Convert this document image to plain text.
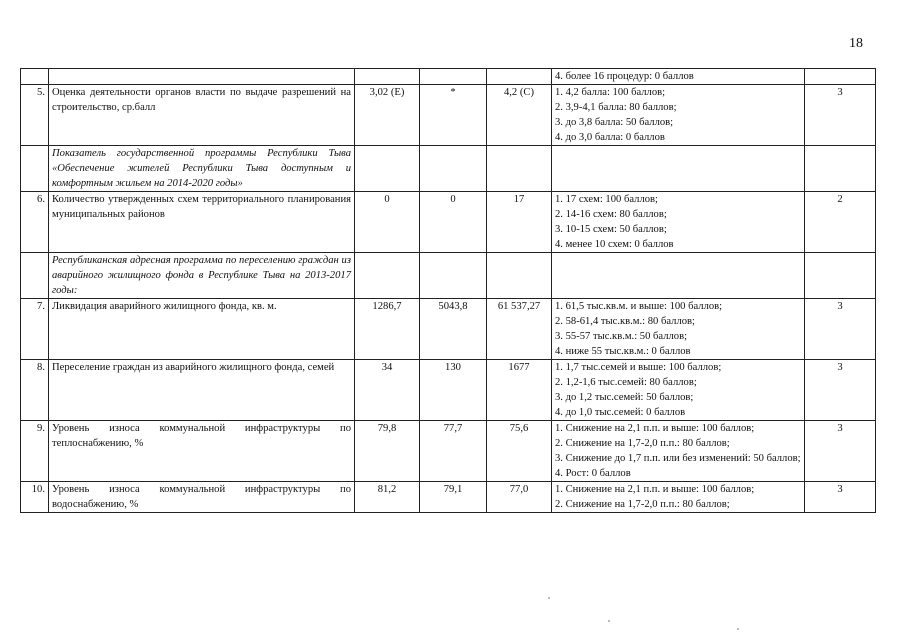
18

					4. более 16 процедур: 0 баллов	

5.	Оценка деятельности органов власти по выдаче разрешений на строительство, ср.балл	3,02 (Е)	*	4,2 (С)	1. 4,2 балла: 100 баллов;
2. 3,9-4,1 балла: 80 баллов;
3. до 3,8 балла: 50 баллов;
4. до 3,0 балла: 0 баллов	3
	Показатель государственной программы Республики Тыва «Обеспечение жителей Республики Тыва доступным и комфортным жильем на 2014-2020 годы»					
6.	Количество утвержденных схем территориального планирования муниципальных районов	0	0	17	1. 17 схем: 100 баллов;
2. 14-16 схем: 80 баллов;
3. 10-15 схем: 50 баллов;
4. менее 10 схем: 0 баллов	2
	Республиканская адресная программа по переселению граждан из аварийного жилищного фонда в Республике Тыва на 2013-2017 годы:					
7.	Ликвидация аварийного жилищного фонда, кв. м.	1286,7	5043,8	61 537,27	1. 61,5 тыс.кв.м. и выше: 100 баллов;
2. 58-61,4 тыс.кв.м.: 80 баллов;
3. 55-57 тыс.кв.м.: 50 баллов;
4. ниже 55 тыс.кв.м.: 0 баллов	3
8.	Переселение граждан из аварийного жилищного фонда, семей	34	130	1677	1. 1,7 тыс.семей и выше: 100 баллов;
2. 1,2-1,6 тыс.семей: 80 баллов;
3. до 1,2 тыс.семей: 50 баллов;
4. до 1,0 тыс.семей: 0 баллов	3
9.	Уровень износа коммунальной инфраструктуры по теплоснабжению, %	79,8	77,7	75,6	1. Снижение на 2,1 п.п. и выше: 100 баллов;
2. Снижение на 1,7-2,0 п.п.: 80 баллов;
3. Снижение до 1,7 п.п. или без изменений: 50 баллов;
4. Рост: 0 баллов	3
10.	Уровень износа коммунальной инфраструктуры по водоснабжению, %	81,2	79,1	77,0	1. Снижение на 2,1 п.п. и выше: 100 баллов;
2. Снижение на 1,7-2,0 п.п.: 80 баллов;	3
